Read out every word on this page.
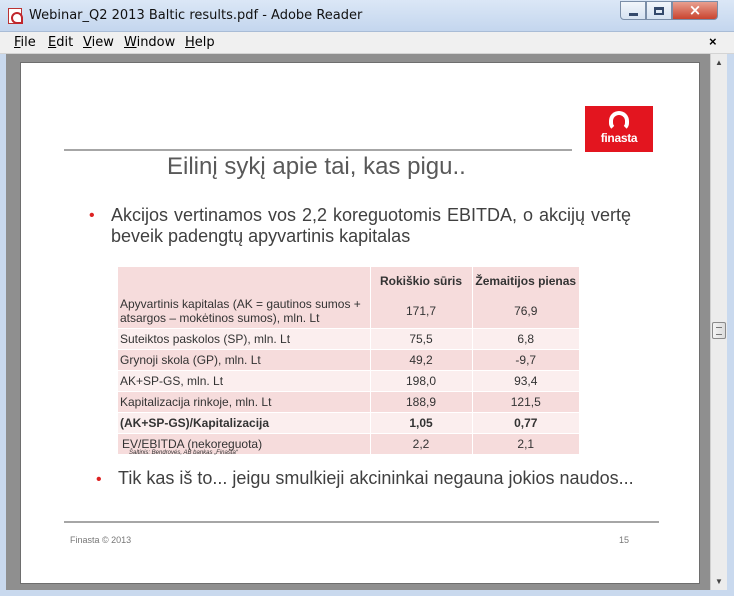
Webinar_Q2 2013 Baltic results.pdf - Adobe Reader	×
File Edit View Window Help	×
finasta
Eilinį sykį apie tai, kas pigu..
• Akcijos vertinamos vos 2,2 koreguotomis EBITDA, o akcijų vertę beveik padengtų apyvartinis kapitalas
	Rokiškio sūris	Žemaitijos pienas
Apyvartinis kapitalas (AK = gautinos sumos + atsargos – mokėtinos sumos), mln. Lt	171,7	76,9
Suteiktos paskolos (SP), mln. Lt	75,5	6,8
Grynoji skola (GP), mln. Lt	49,2	-9,7
AK+SP-GS, mln. Lt	198,0	93,4
Kapitalizacija rinkoje, mln. Lt	188,9	121,5
(AK+SP-GS)/Kapitalizacija	1,05	0,77
EV/EBITDA (nekoreguota)	2,2	2,1
Šaltinis: Bendrovės, AB bankas „Finasta“
• Tik kas iš to... jeigu smulkieji akcininkai negauna jokios naudos...
Finasta © 2013	15
▲
▼
